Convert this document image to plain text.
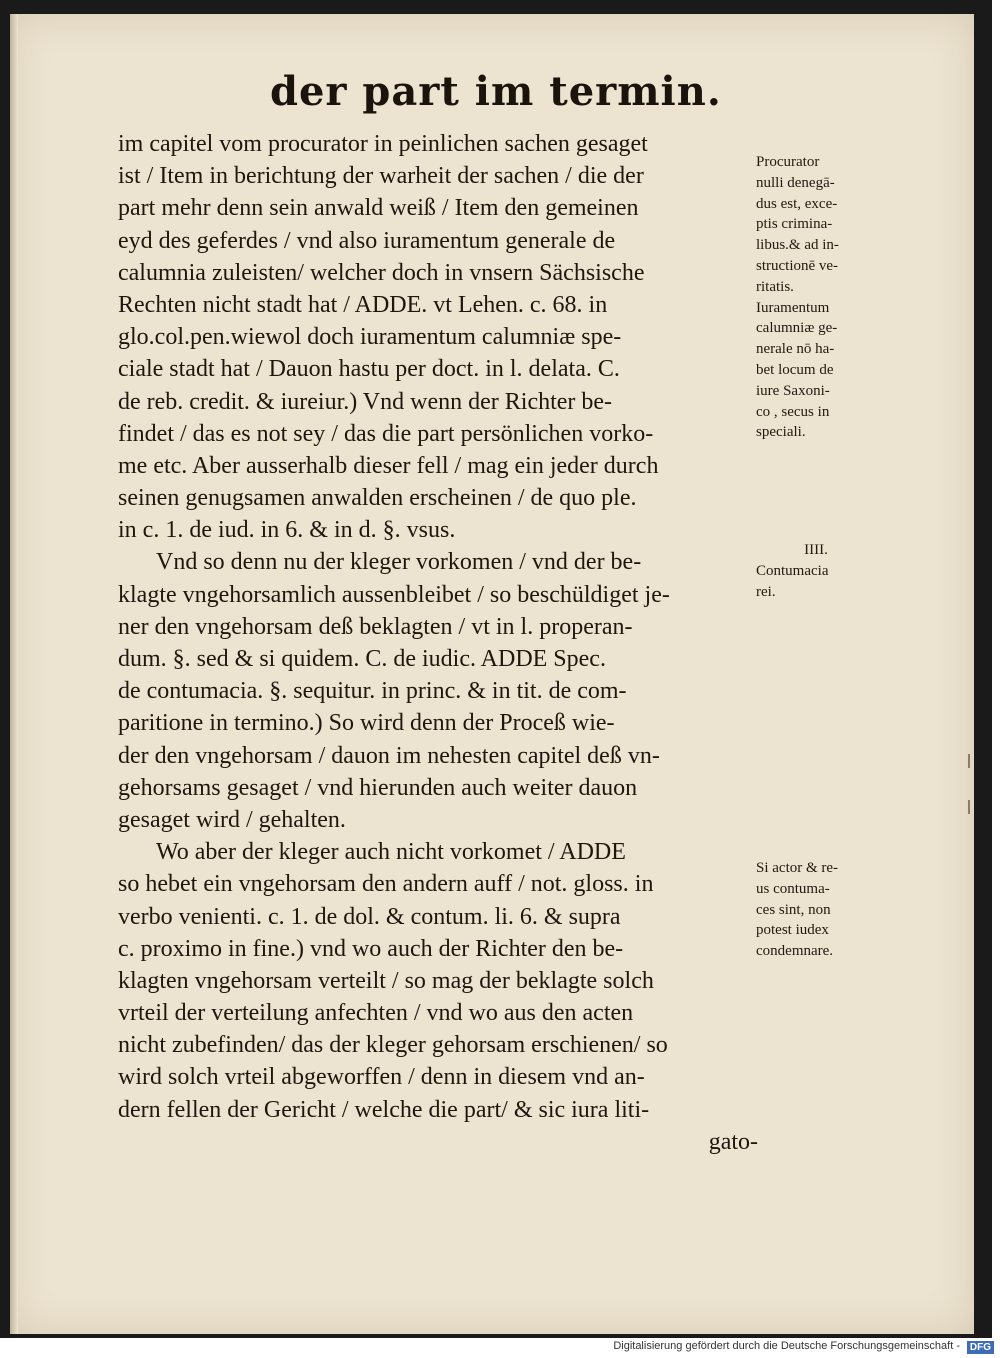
der part im termin.
im capitel vom procurator in peinlichen sachen gesaget
ist / Item in berichtung der warheit der sachen / die der
part mehr denn sein anwald weiß / Item den gemeinen
eyd des geferdes / vnd also iuramentum generale de
calumnia zuleisten/ welcher doch in vnsern Sächsische
Rechten nicht stadt hat / ADDE. vt Lehen. c. 68. in
glo.col.pen.wiewol doch iuramentum calumniæ spe-
ciale stadt hat / Dauon hastu per doct. in l. delata. C.
de reb. credit. & iureiur.) Vnd wenn der Richter be-
findet / das es not sey / das die part persönlichen vorko-
me etc. Aber ausserhalb dieser fell / mag ein jeder durch
seinen genugsamen anwalden erscheinen / de quo ple.
in c. 1. de iud. in 6. & in d. §. vsus.
Vnd so denn nu der kleger vorkomen / vnd der be-
klagte vngehorsamlich aussenbleibet / so beschüldiget je-
ner den vngehorsam deß beklagten / vt in l. properan-
dum. §. sed & si quidem. C. de iudic. ADDE Spec.
de contumacia. §. sequitur. in princ. & in tit. de com-
paritione in termino.) So wird denn der Proceß wie-
der den vngehorsam / dauon im nehesten capitel deß vn-
gehorsams gesaget / vnd hierunden auch weiter dauon
gesaget wird / gehalten.
Wo aber der kleger auch nicht vorkomet / ADDE
so hebet ein vngehorsam den andern auff / not. gloss. in
verbo venienti. c. 1. de dol. & contum. li. 6. & supra
c. proximo in fine.) vnd wo auch der Richter den be-
klagten vngehorsam verteilt / so mag der beklagte solch
vrteil der verteilung anfechten / vnd wo aus den acten
nicht zubefinden/ das der kleger gehorsam erschienen/ so
wird solch vrteil abgeworffen / denn in diesem vnd an-
dern fellen der Gericht / welche die part/ & sic iura liti-
gato-
Procurator
nulli denegā-
dus est, exce-
ptis crimina-
libus.& ad in-
structionē ve-
ritatis.
Iuramentum
calumniæ ge-
nerale nō ha-
bet locum de
iure Saxoni-
co , secus in
speciali.
IIII.
Contumacia
rei.
Si actor & re-
us contuma-
ces sint, non
potest iudex
condemnare.
Digitalisierung gefördert durch die Deutsche Forschungsgemeinschaft - DFG
